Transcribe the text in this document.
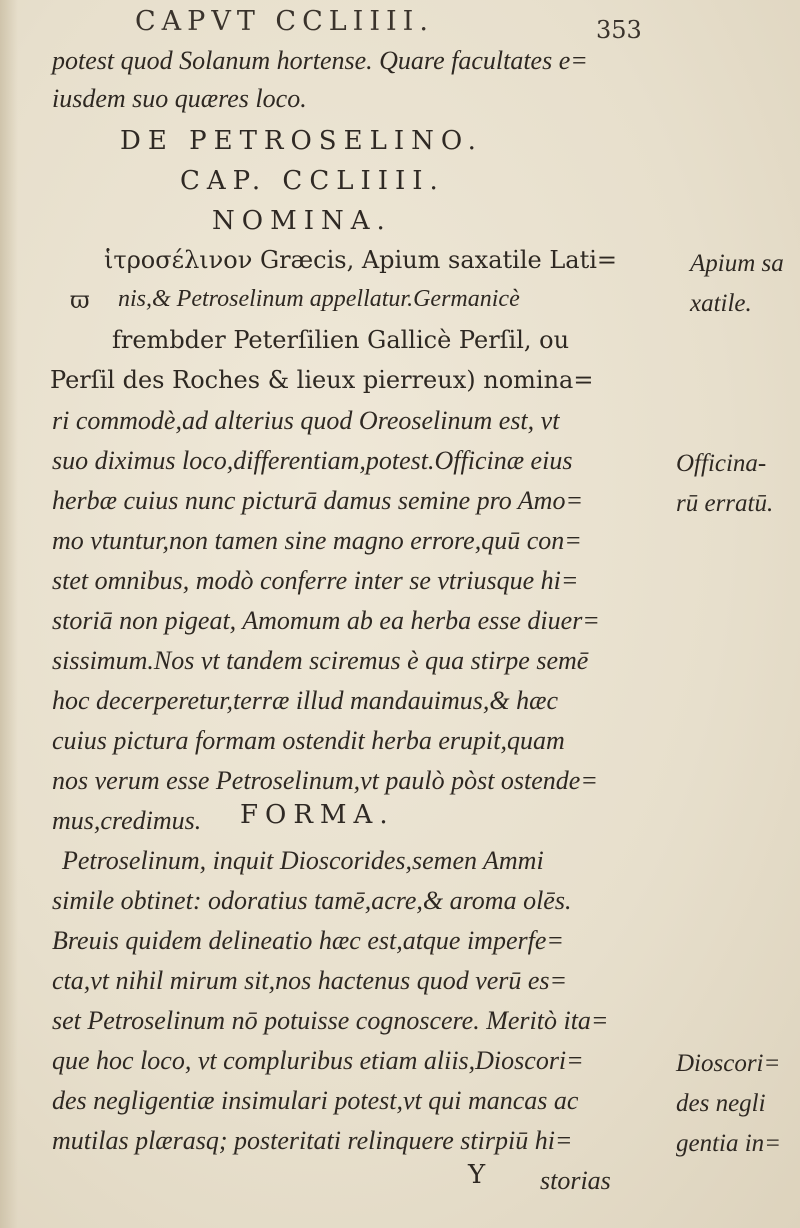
CAPVT CCLIIII.	353
potest quod Solanum hortense. Quare facultates e=
iusdem suo quæres loco.
DE PETROSELINO.
CAP. CCLIIII.
NOMINA.
ἱτροσέλινον Græcis, Apium saxatile Lati=
ϖ nis,& Petroselinum appellatur.Germanicè
frembder Peterſilien Gallicè Perſil, ou
Perſil des Roches & lieux pierreux) nomina=
ri commodè,ad alterius quod Oreoselinum est, vt
suo diximus loco,differentiam,potest.Officinæ eius
herbæ cuius nunc picturā damus semine pro Amo=
mo vtuntur,non tamen sine magno errore,quū con=
stet omnibus, modò conferre inter se vtriusque hi=
storiā non pigeat, Amomum ab ea herba esse diuer=
sissimum.Nos vt tandem sciremus è qua stirpe semē
hoc decerperetur,terræ illud mandauimus,& hæc
cuius pictura formam ostendit herba erupit,quam
nos verum esse Petroselinum,vt paulò pòst ostende=
mus,credimus. FORMA.
Petroselinum, inquit Dioscorides,semen Ammi
simile obtinet: odoratius tamē,acre,& aroma olēs.
Breuis quidem delineatio hæc est,atque imperfe=
cta,vt nihil mirum sit,nos hactenus quod verū es=
set Petroselinum nō potuisse cognoscere. Meritò ita=
que hoc loco, vt compluribus etiam aliis,Dioscori=
des negligentiæ insimulari potest,vt qui mancas ac
mutilas plærasq; posteritati relinquere stirpiū hi=
Y storias
Apium sa
xatile.
Officina-
rū erratū.
Dioscori=
des negli
gentia in=
